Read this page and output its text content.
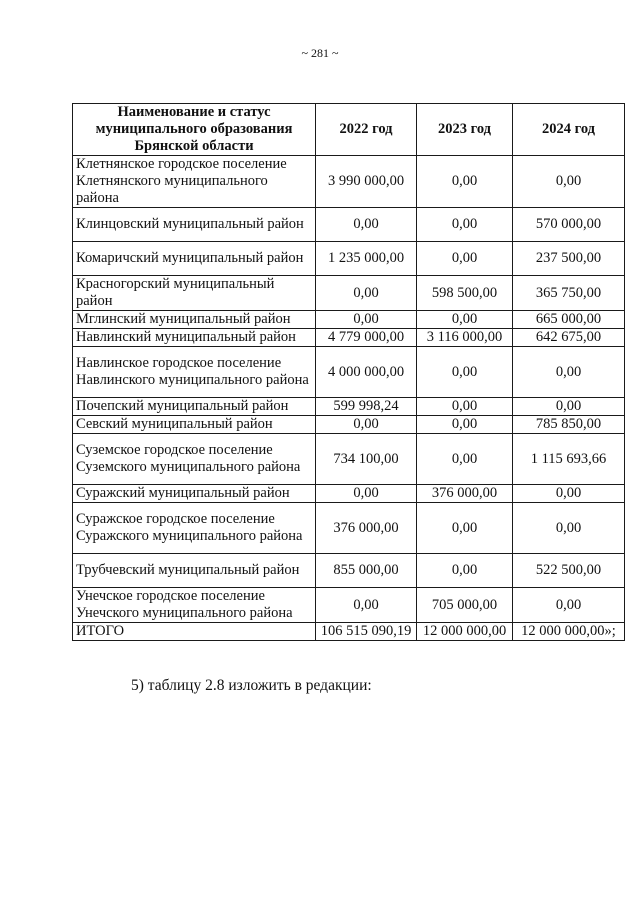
~ 281 ~
Наименование и статус муниципального образования Брянской области	2022 год	2023 год	2024 год
Клетнянское городское поселение Клетнянского муниципального района	3 990 000,00	0,00	0,00
Клинцовский муниципальный район	0,00	0,00	570 000,00
Комаричский муниципальный район	1 235 000,00	0,00	237 500,00
Красногорский муниципальный район	0,00	598 500,00	365 750,00
Мглинский муниципальный район	0,00	0,00	665 000,00
Навлинский муниципальный район	4 779 000,00	3 116 000,00	642 675,00
Навлинское городское поселение Навлинского муниципального района	4 000 000,00	0,00	0,00
Почепский муниципальный район	599 998,24	0,00	0,00
Севский муниципальный район	0,00	0,00	785 850,00
Суземское городское поселение Суземского муниципального района	734 100,00	0,00	1 115 693,66
Суражский муниципальный район	0,00	376 000,00	0,00
Суражское городское поселение Суражского муниципального района	376 000,00	0,00	0,00
Трубчевский муниципальный район	855 000,00	0,00	522 500,00
Унечское городское поселение Унечского муниципального района	0,00	705 000,00	0,00
ИТОГО	106 515 090,19	12 000 000,00	12 000 000,00»;
5) таблицу 2.8 изложить в редакции:
